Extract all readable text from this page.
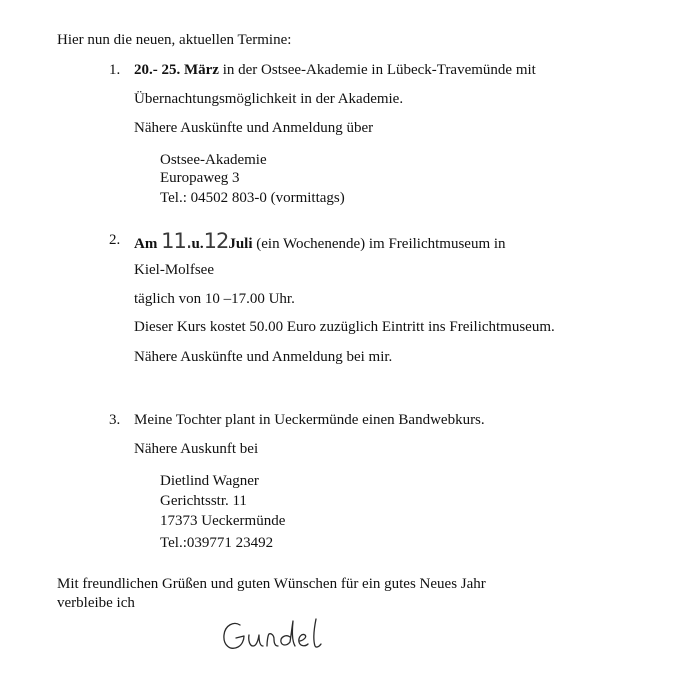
Hier nun die neuen, aktuellen Termine:
1. 20.- 25. März in der Ostsee-Akademie in Lübeck-Travemünde mit
Übernachtungsmöglichkeit in der Akademie.
Nähere Auskünfte und Anmeldung über
Ostsee-Akademie
Europaweg 3
Tel.: 04502 803-0 (vormittags)
2. Am 11.u.12Juli (ein Wochenende) im Freilichtmuseum in
Kiel-Molfsee
täglich von 10 –17.00 Uhr.
Dieser Kurs kostet 50.00 Euro zuzüglich Eintritt ins Freilichtmuseum.
Nähere Auskünfte und Anmeldung bei mir.
3. Meine Tochter plant in Ueckermünde einen Bandwebkurs.
Nähere Auskunft bei
Dietlind Wagner
Gerichtsstr. 11
17373 Ueckermünde
Tel.:039771 23492
Mit freundlichen Grüßen und guten Wünschen für ein gutes Neues Jahr
verbleibe ich
